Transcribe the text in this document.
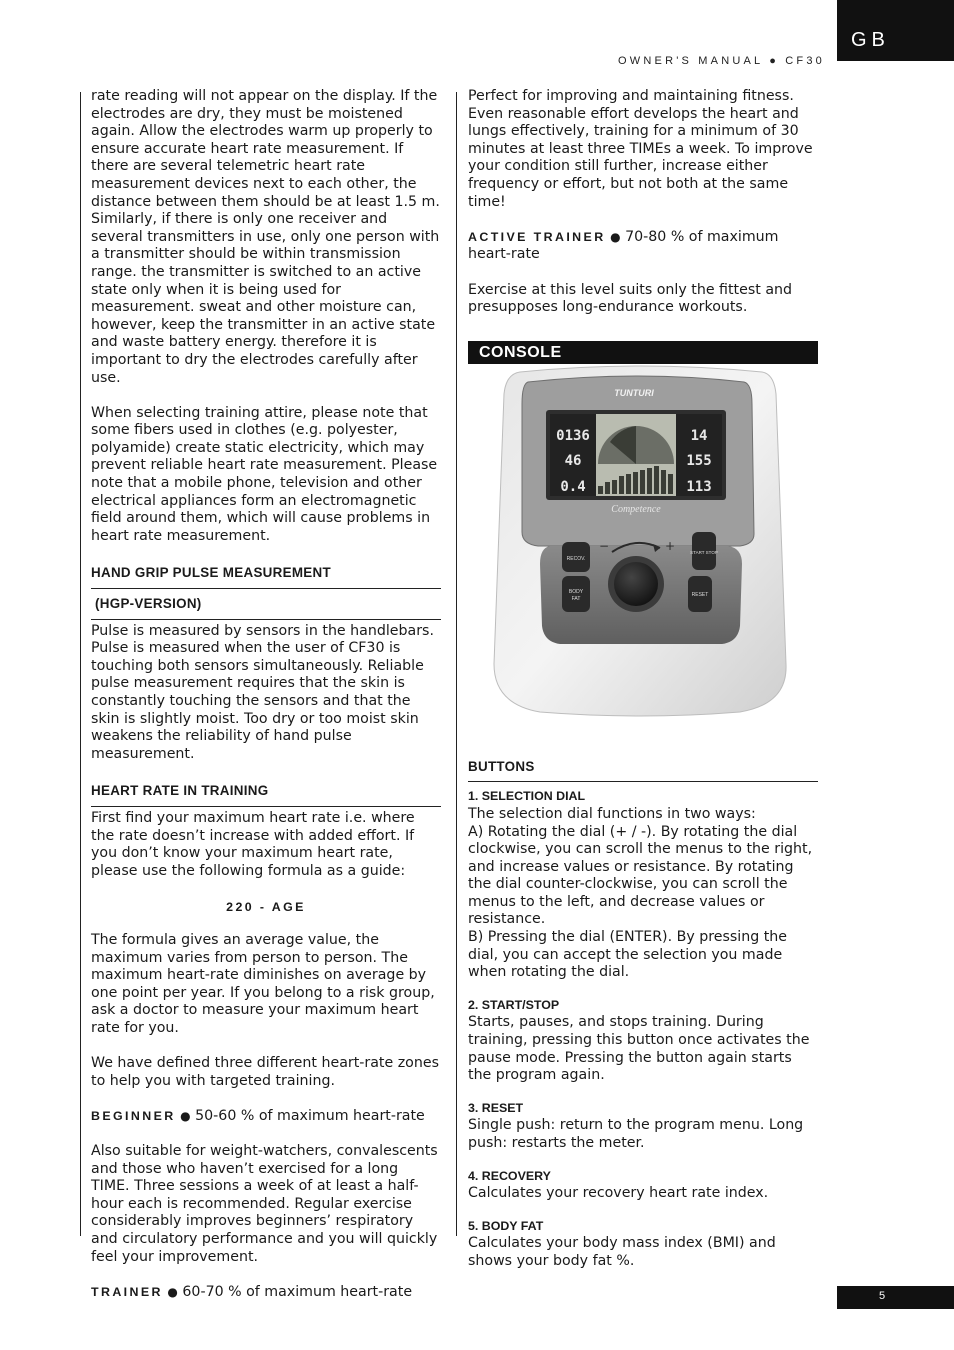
GB
OWNER'S MANUAL ● CF30

rate reading will not appear on the display. If the electrodes are dry, they must be moistened again. Allow the electrodes warm up properly to ensure accurate heart rate measurement. If there are several telemetric heart rate measurement devices next to each other, the distance between them should be at least 1.5 m. Similarly, if there is only one receiver and several transmitters in use, only one person with a transmitter should be within transmission range. the transmitter is switched to an active state only when it is being used for measurement. sweat and other moisture can, however, keep the transmitter in an active state and waste battery energy. therefore it is important to dry the electrodes carefully after use.

When selecting training attire, please note that some fibers used in clothes (e.g. polyester, polyamide) create static electricity, which may prevent reliable heart rate measurement. Please note that a mobile phone, television and other electrical appliances form an electromagnetic field around them, which will cause problems in heart rate measurement.

HAND GRIP PULSE MEASUREMENT
(HGP-VERSION)

Pulse is measured by sensors in the handlebars. Pulse is measured when the user of CF30 is touching both sensors simultaneously. Reliable pulse measurement requires that the skin is constantly touching the sensors and that the skin is slightly moist. Too dry or too moist skin weakens the reliability of hand pulse measurement.

HEART RATE IN TRAINING

First find your maximum heart rate i.e. where the rate doesn’t increase with added effort. If you don’t know your maximum heart rate, please use the following formula as a guide:

220 - AGE

The formula gives an average value, the maximum varies from person to person. The maximum heart-rate diminishes on average by one point per year. If you belong to a risk group, ask a doctor to measure your maximum heart rate for you.

We have defined three different heart-rate zones to help you with targeted training.

BEGINNER ● 50-60 % of maximum heart-rate

Also suitable for weight-watchers, convalescents and those who haven’t exercised for a long TIME. Three sessions a week of at least a half-hour each is recommended. Regular exercise considerably improves beginners’ respiratory and circulatory performance and you will quickly feel your improvement.

TRAINER ● 60-70 % of maximum heart-rate

Perfect for improving and maintaining fitness. Even reasonable effort develops the heart and lungs effectively, training for a minimum of 30 minutes at least three TIMEs a week. To improve your condition still further, increase either frequency or effort, but not both at the same time!

ACTIVE TRAINER ● 70-80 % of maximum heart-rate

Exercise at this level suits only the fittest and presupposes long-endurance workouts.

CONSOLE
BUTTONS
1. SELECTION DIAL

The selection dial functions in two ways:

A) Rotating the dial (+ / -). By rotating the dial clockwise, you can scroll the menus to the right, and increase values or resistance. By rotating the dial counter-clockwise, you can scroll the menus to the left, and decrease values or resistance.

B) Pressing the dial (ENTER). By pressing the dial, you can accept the selection you made when rotating the dial.

2. START/STOP

Starts, pauses, and stops training. During training, pressing this button once activates the pause mode. Pressing the button again starts the program again.

3. RESET

Single push: return to the program menu. Long push: restarts the meter.

4. RECOVERY

Calculates your recovery heart rate index.

5. BODY FAT

Calculates your body mass index (BMI) and shows your body fat %.

TUNTURI
0136
46
0.4
14
155
113
Competence
RECOV.
BODY
FAT
START STOP
RESET
−	+
5
